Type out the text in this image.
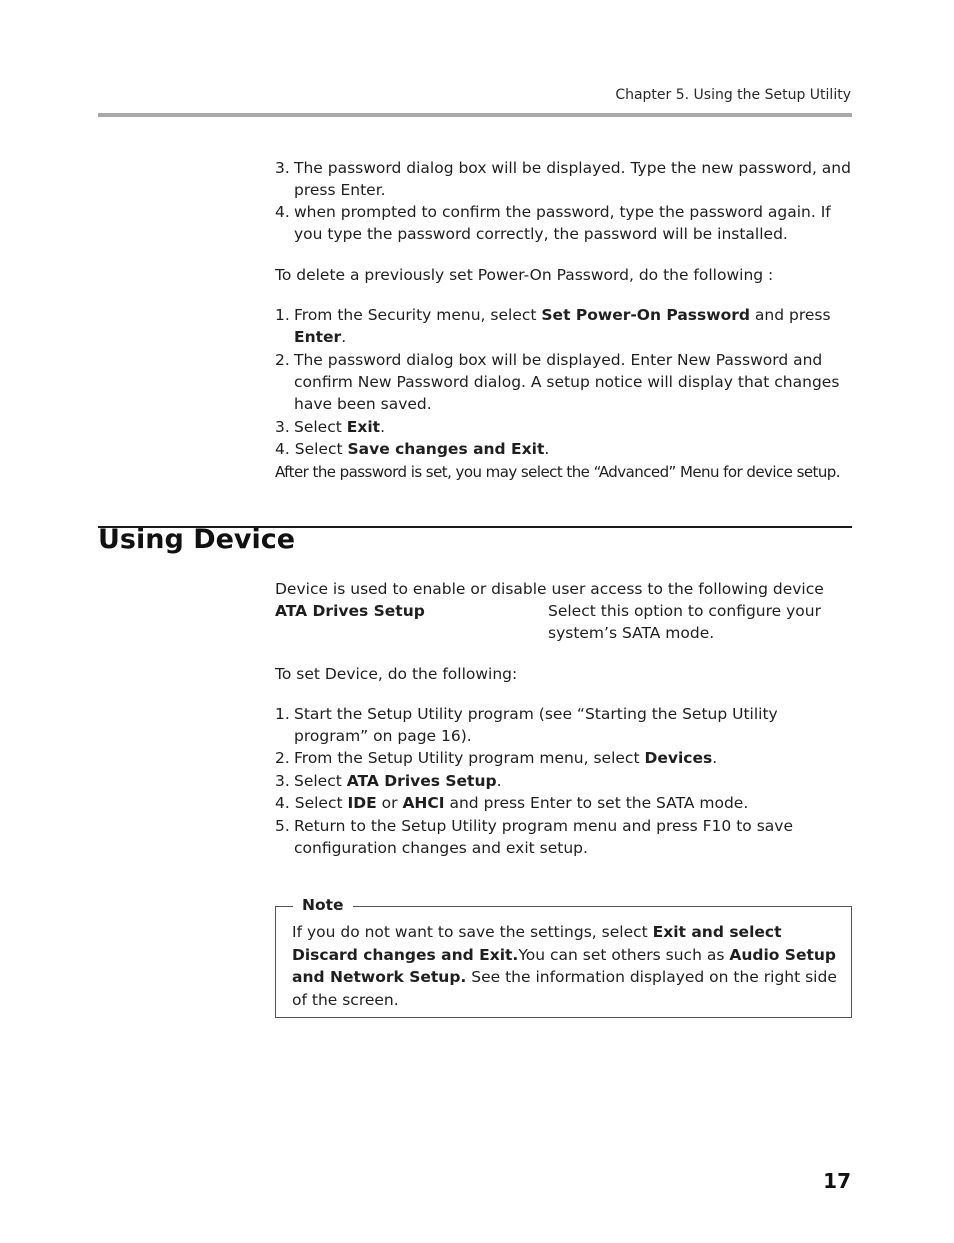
Chapter 5. Using the Setup Utility
3. The password dialog box will be displayed. Type the new password, and press Enter.
4. when prompted to confirm the password, type the password again. If you type the password correctly, the password will be installed.
To delete a previously set Power-On Password, do the following :
1. From the Security menu, select Set Power-On Password and press Enter.
2. The password dialog box will be displayed. Enter New Password and confirm New Password dialog. A setup notice will display that changes have been saved.
3. Select Exit.
4. Select Save changes and Exit.
After the password is set, you may select the “Advanced” Menu for device setup.
Using Device
Device is used to enable or disable user access to the following device
ATA Drives Setup	Select this option to configure your system’s SATA mode.
To set Device, do the following:
1. Start the Setup Utility program (see “Starting the Setup Utility program” on page 16).
2. From the Setup Utility program menu, select Devices.
3. Select ATA Drives Setup.
4. Select IDE or AHCI and press Enter to set the SATA mode.
5. Return to the Setup Utility program menu and press F10 to save configuration changes and exit setup.
Note
If you do not want to save the settings, select Exit and select Discard changes and Exit.You can set others such as Audio Setup and Network Setup. See the information displayed on the right side of the screen.
17
